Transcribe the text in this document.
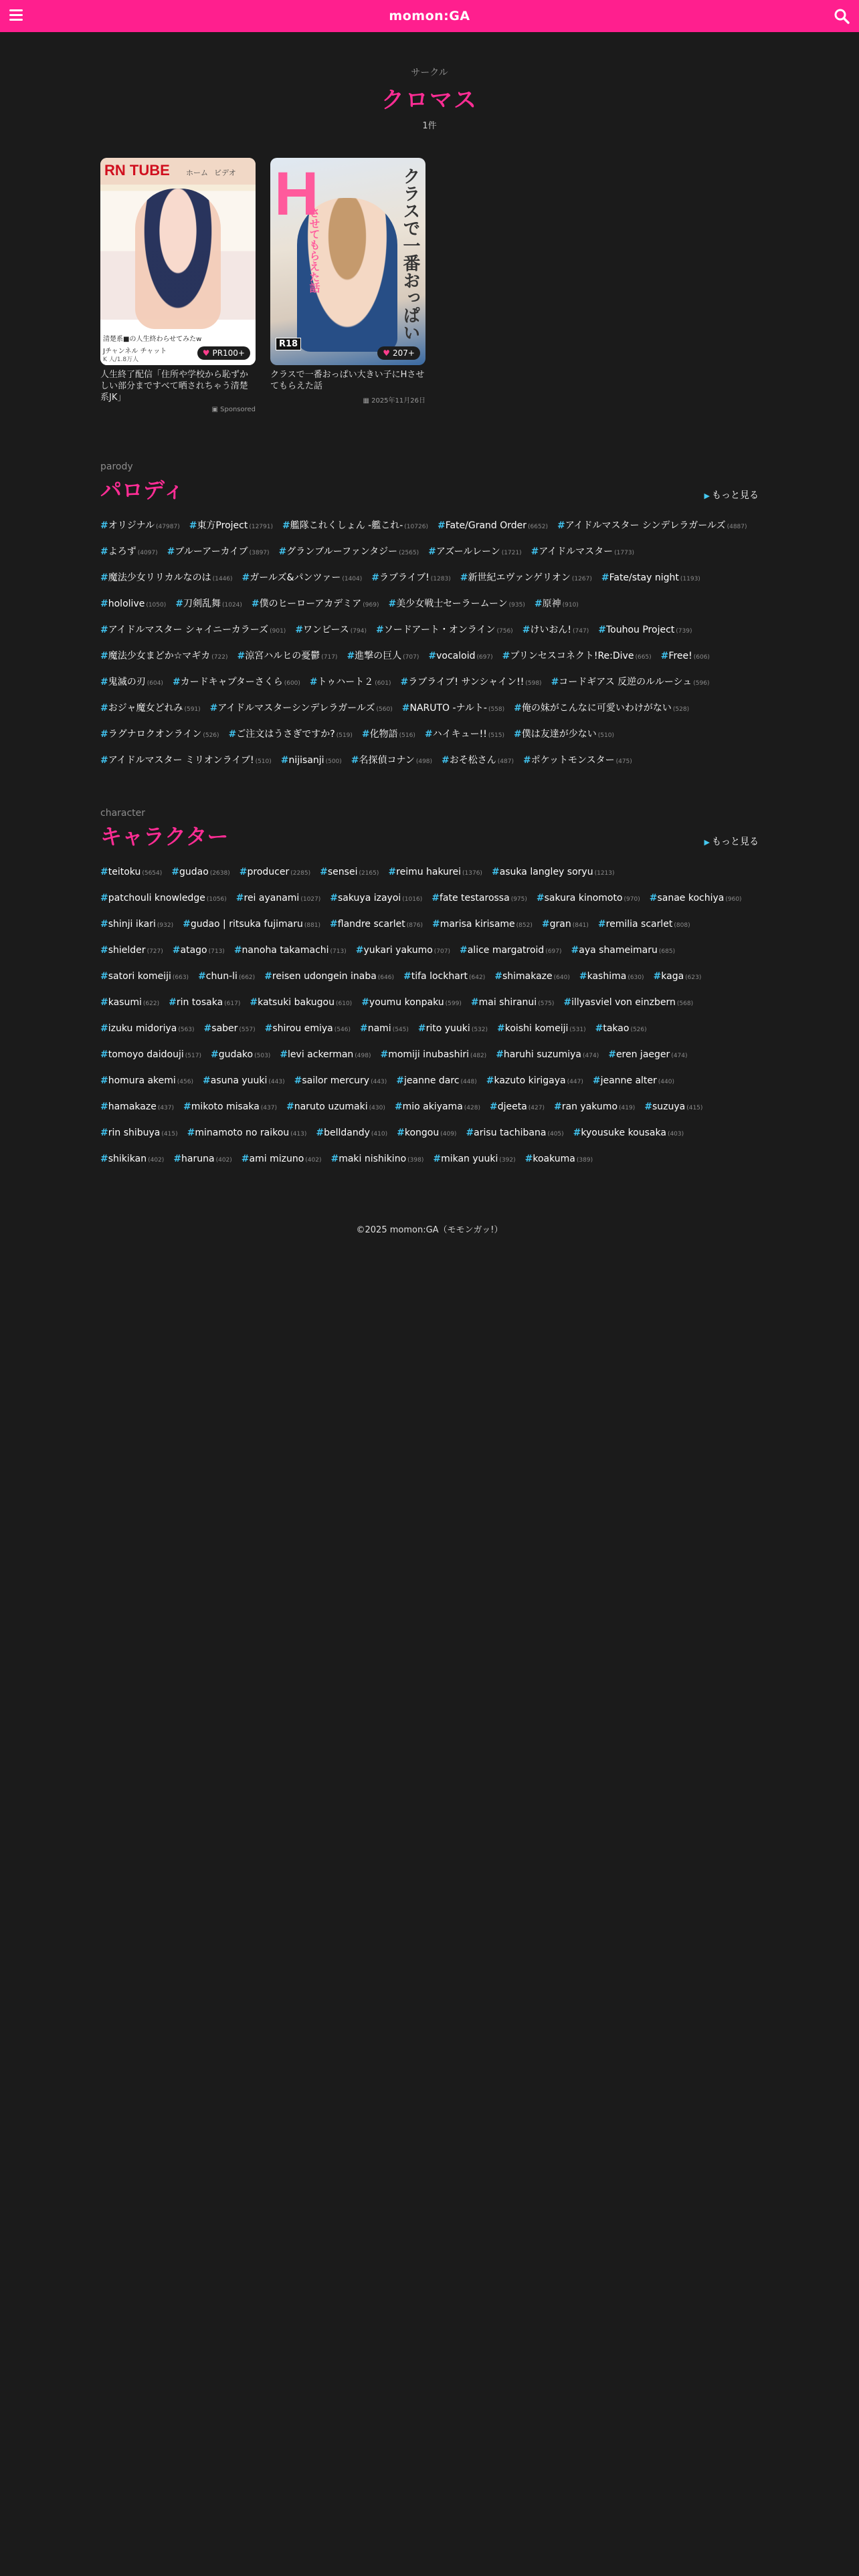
momon:GA
サークル
クロマス
1件
RN TUBE ホーム ビデオ
清楚系■の人生終わらせてみたw
Jチャンネル チャット
K 人/1.8万人
♥ PR100+
人生終了配信「住所や学校から恥ずかしい部分まですべて晒されちゃう清楚系JK」
▣ Sponsored
H	クラスで一番おっぱい
させてもらえた話
R18
♥ 207+
クラスで一番おっぱい大きい子にHさせてもらえた話
▦ 2025年11月26日
parody
パロディ	▶ もっと見る
#オリジナル (47987) #東方Project (12791) #艦隊これくしょん -艦これ- (10726) #Fate/Grand Order (6652) #アイドルマスター シンデレラガールズ (4887)#よろず (4097) #ブルーアーカイブ (3897) #グランブルーファンタジー (2565) #アズールレーン (1721) #アイドルマスター (1773)#魔法少女リリカルなのは (1446) #ガールズ&パンツァー (1404) #ラブライブ! (1283) #新世紀エヴァンゲリオン (1267) #Fate/stay night (1193)#hololive (1050) #刀剣乱舞 (1024) #僕のヒーローアカデミア (969) #美少女戦士セーラームーン (935) #原神 (910)#アイドルマスター シャイニーカラーズ (901) #ワンピース (794) #ソードアート・オンライン (756) #けいおん! (747) #Touhou Project (739)#魔法少女まどか☆マギカ (722) #涼宮ハルヒの憂鬱 (717) #進撃の巨人 (707) #vocaloid (697) #プリンセスコネクト!Re:Dive (665) #Free! (606)#鬼滅の刃 (604) #カードキャプターさくら (600) #トゥハート２ (601) #ラブライブ! サンシャイン!! (598) #コードギアス 反逆のルルーシュ (596)#おジャ魔女どれみ (591) #アイドルマスターシンデレラガールズ (560) #NARUTO -ナルト- (558) #俺の妹がこんなに可愛いわけがない (528)#ラグナロクオンライン (526) #ご注文はうさぎですか? (519) #化物語 (516) #ハイキュー!! (515) #僕は友達が少ない (510)#アイドルマスター ミリオンライブ! (510) #nijisanji (500) #名探偵コナン (498) #おそ松さん (487) #ポケットモンスター (475)
character
キャラクター	▶ もっと見る
#teitoku (5654) #gudao (2638) #producer (2285) #sensei (2165) #reimu hakurei (1376) #asuka langley soryu (1213)#patchouli knowledge (1056) #rei ayanami (1027) #sakuya izayoi (1016) #fate testarossa (975) #sakura kinomoto (970) #sanae kochiya (960)#shinji ikari (932) #gudao | ritsuka fujimaru (881) #flandre scarlet (876) #marisa kirisame (852) #gran (841) #remilia scarlet (808)#shielder (727) #atago (713) #nanoha takamachi (713) #yukari yakumo (707) #alice margatroid (697) #aya shameimaru (685)#satori komeiji (663) #chun-li (662) #reisen udongein inaba (646) #tifa lockhart (642) #shimakaze (640) #kashima (630) #kaga (623)#kasumi (622) #rin tosaka (617) #katsuki bakugou (610) #youmu konpaku (599) #mai shiranui (575) #illyasviel von einzbern (568)#izuku midoriya (563) #saber (557) #shirou emiya (546) #nami (545) #rito yuuki (532) #koishi komeiji (531) #takao (526)#tomoyo daidouji (517) #gudako (503) #levi ackerman (498) #momiji inubashiri (482) #haruhi suzumiya (474) #eren jaeger (474)#homura akemi (456) #asuna yuuki (443) #sailor mercury (443) #jeanne darc (448) #kazuto kirigaya (447) #jeanne alter (440)#hamakaze (437) #mikoto misaka (437) #naruto uzumaki (430) #mio akiyama (428) #djeeta (427) #ran yakumo (419) #suzuya (415)#rin shibuya (415) #minamoto no raikou (413) #belldandy (410) #kongou (409) #arisu tachibana (405) #kyousuke kousaka (403)#shikikan (402) #haruna (402) #ami mizuno (402) #maki nishikino (398) #mikan yuuki (392) #koakuma (389)
©2025 momon:GA（モモンガッ!）
